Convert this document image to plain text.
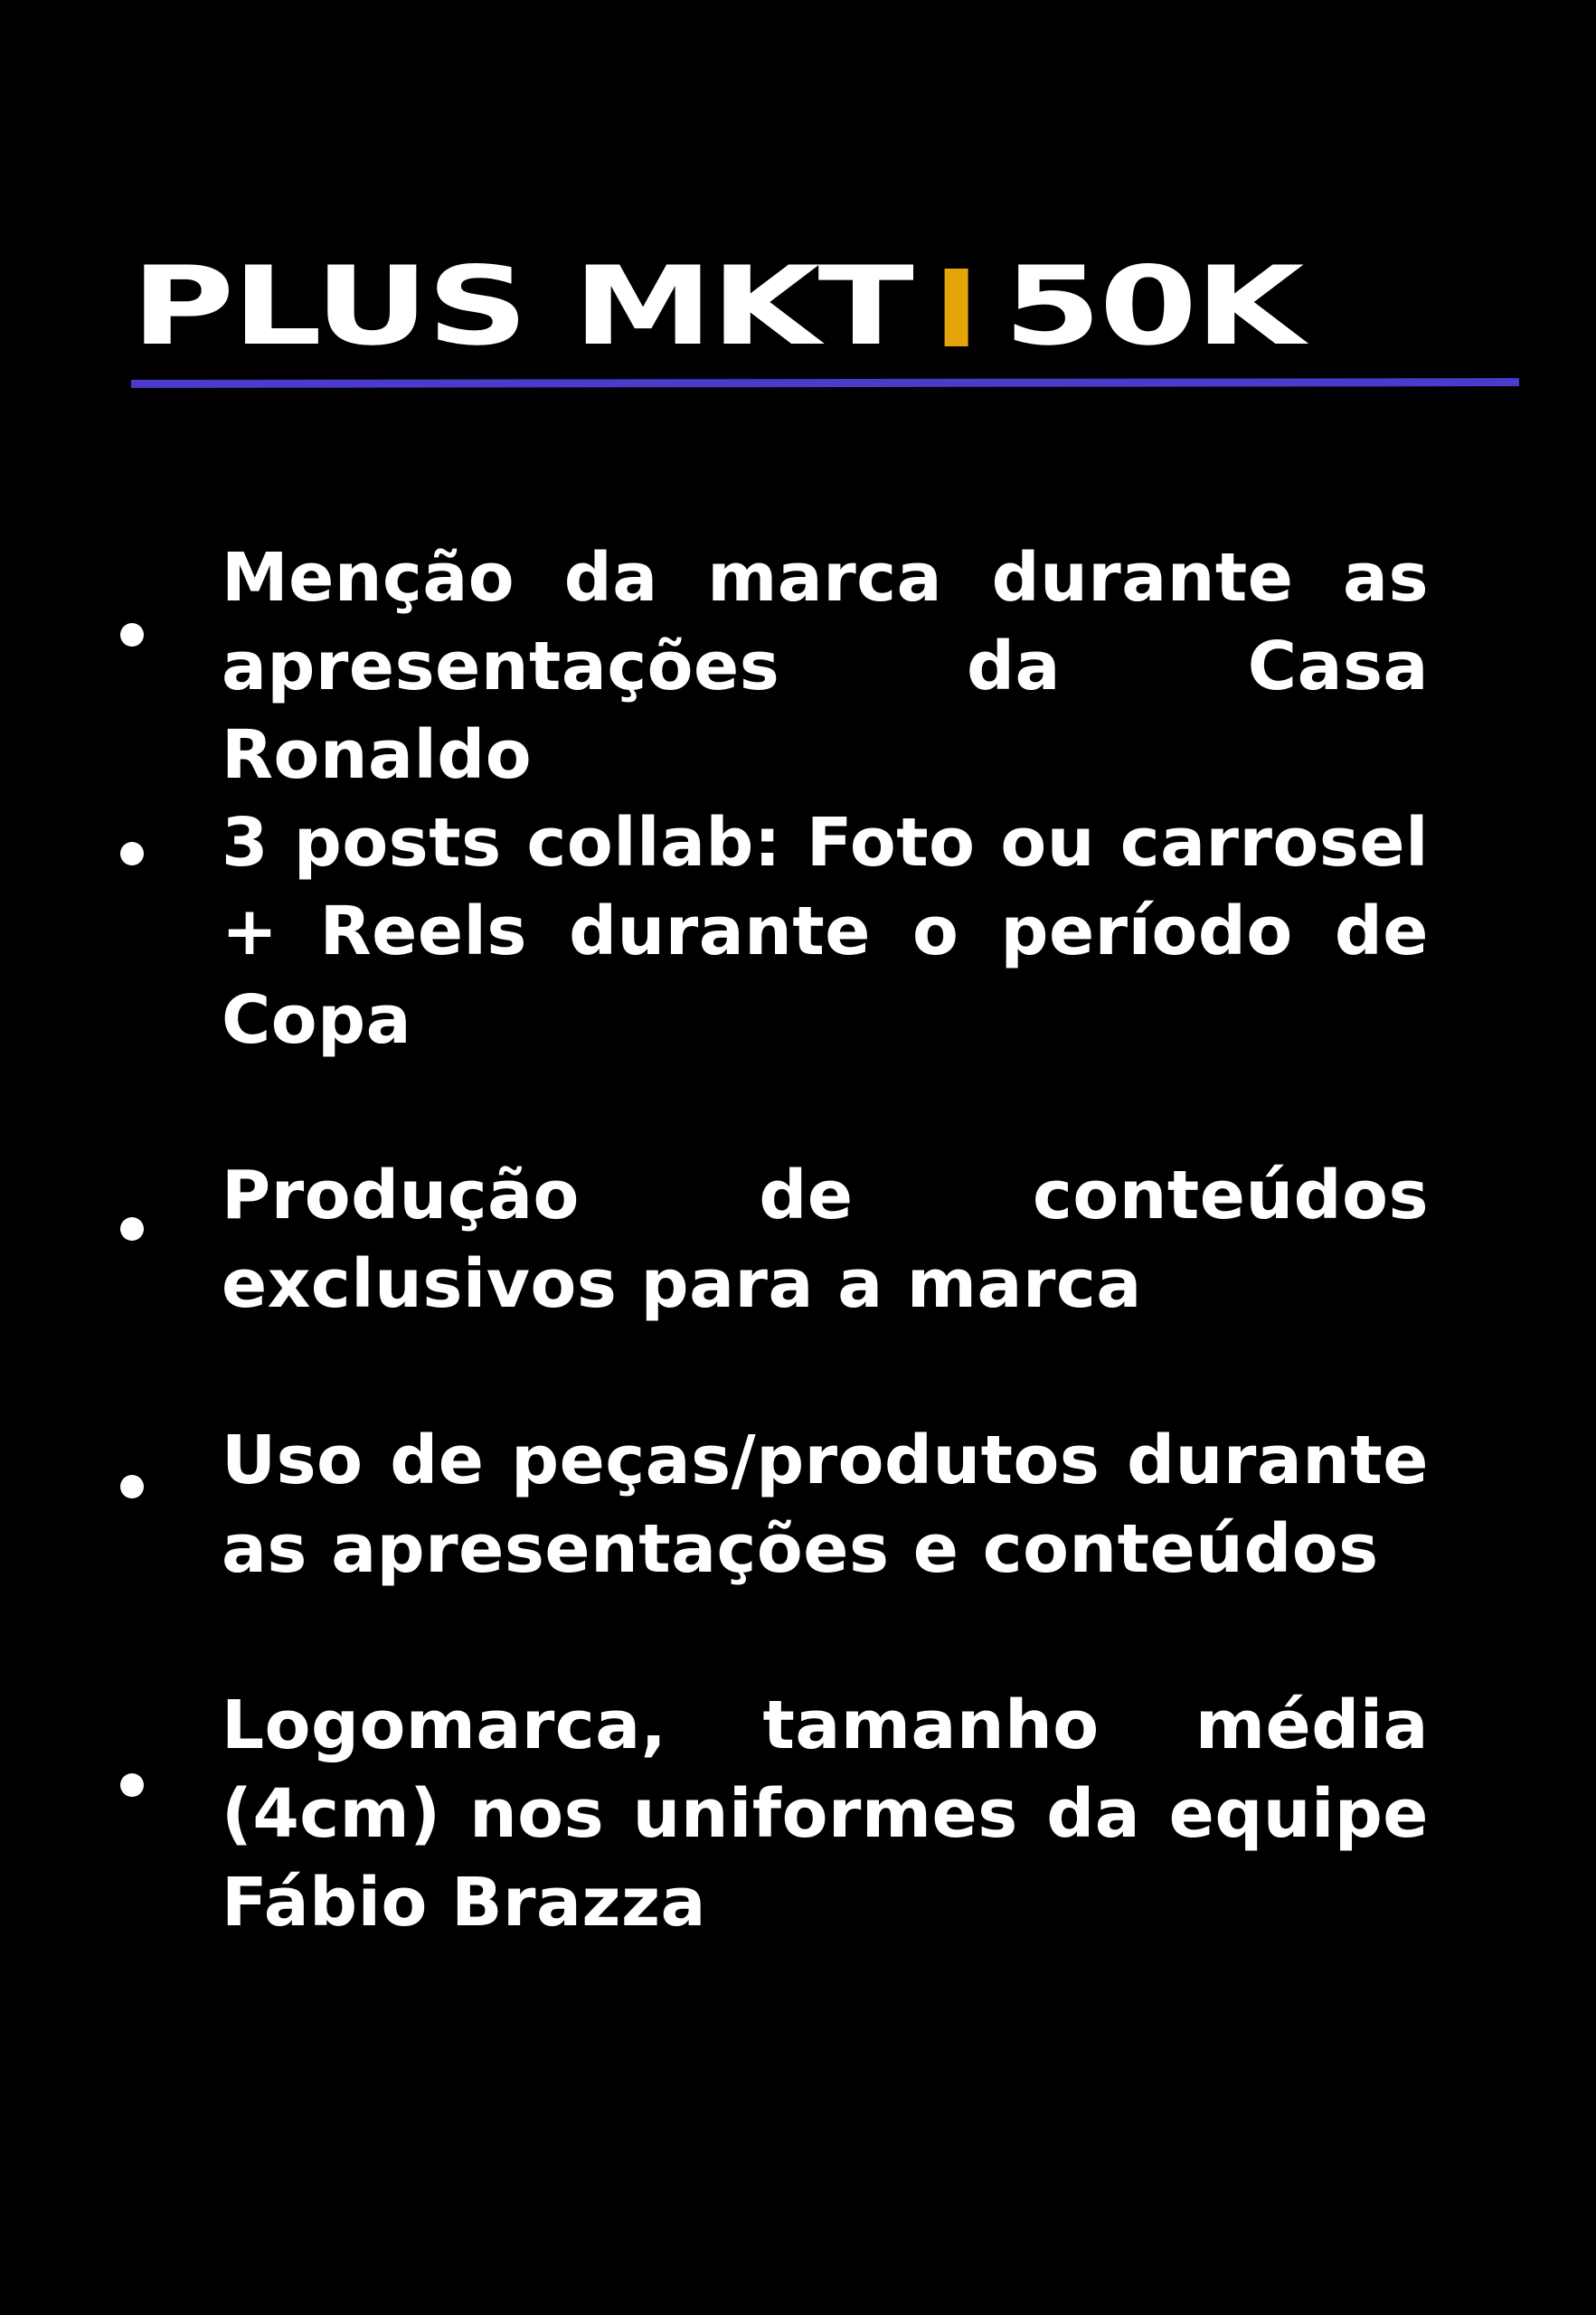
PLUS MKT 50K
Menção da marca durante as apresentações da Casa Ronaldo
3 posts collab: Foto ou carrosel + Reels durante o período de Copa
Produção de conteúdos exclusivos para a marca
Uso de peças/produtos durante as apresentações e conteúdos
Logomarca, tamanho média (4cm) nos uniformes da equipe Fábio Brazza
